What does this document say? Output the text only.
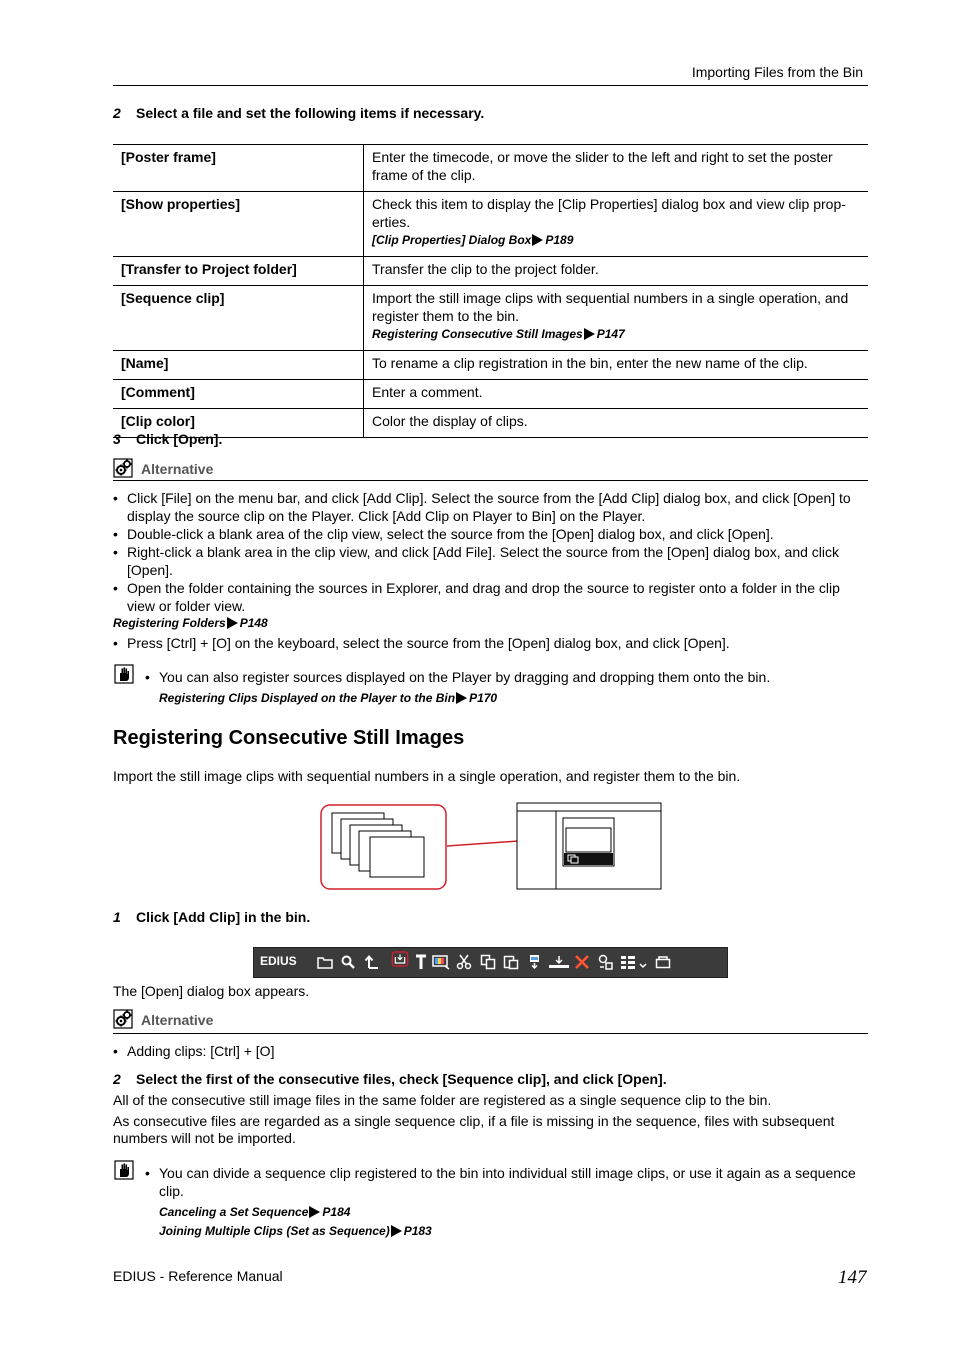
Importing Files from the Bin
2 Select a file and set the following items if necessary.
[Poster frame]	Enter the timecode, or move the slider to the left and right to set the poster frame of the clip.
[Show properties]	Check this item to display the [Clip Properties] dialog box and view clip prop-erties.
[Clip Properties] Dialog Box P189

[Transfer to Project folder]	Transfer the clip to the project folder.
[Sequence clip]	Import the still image clips with sequential numbers in a single operation, and register them to the bin.
Registering Consecutive Still Images P147

[Name]	To rename a clip registration in the bin, enter the new name of the clip.
[Comment]	Enter a comment.
[Clip color]	Color the display of clips.
3 Click [Open].
Alternative
• Click [File] on the menu bar, and click [Add Clip]. Select the source from the [Add Clip] dialog box, and click [Open] to display the source clip on the Player. Click [Add Clip on Player to Bin] on the Player.
• Double-click a blank area of the clip view, select the source from the [Open] dialog box, and click [Open].
• Right-click a blank area in the clip view, and click [Add File]. Select the source from the [Open] dialog box, and click [Open].
• Open the folder containing the sources in Explorer, and drag and drop the source to register onto a folder in the clip view or folder view.
Registering Folders P148
• Press [Ctrl] + [O] on the keyboard, select the source from the [Open] dialog box, and click [Open].
• You can also register sources displayed on the Player by dragging and dropping them onto the bin.
Registering Clips Displayed on the Player to the Bin P170
Registering Consecutive Still Images
Import the still image clips with sequential numbers in a single operation, and register them to the bin.
1 Click [Add Clip] in the bin.
EDIUS
The [Open] dialog box appears.
Alternative
• Adding clips: [Ctrl] + [O]
2 Select the first of the consecutive files, check [Sequence clip], and click [Open].
All of the consecutive still image files in the same folder are registered as a single sequence clip to the bin.
As consecutive files are regarded as a single sequence clip, if a file is missing in the sequence, files with subsequent numbers will not be imported.
• You can divide a sequence clip registered to the bin into individual still image clips, or use it again as a sequence clip.
Canceling a Set Sequence P184
Joining Multiple Clips (Set as Sequence) P183
EDIUS - Reference Manual	147
